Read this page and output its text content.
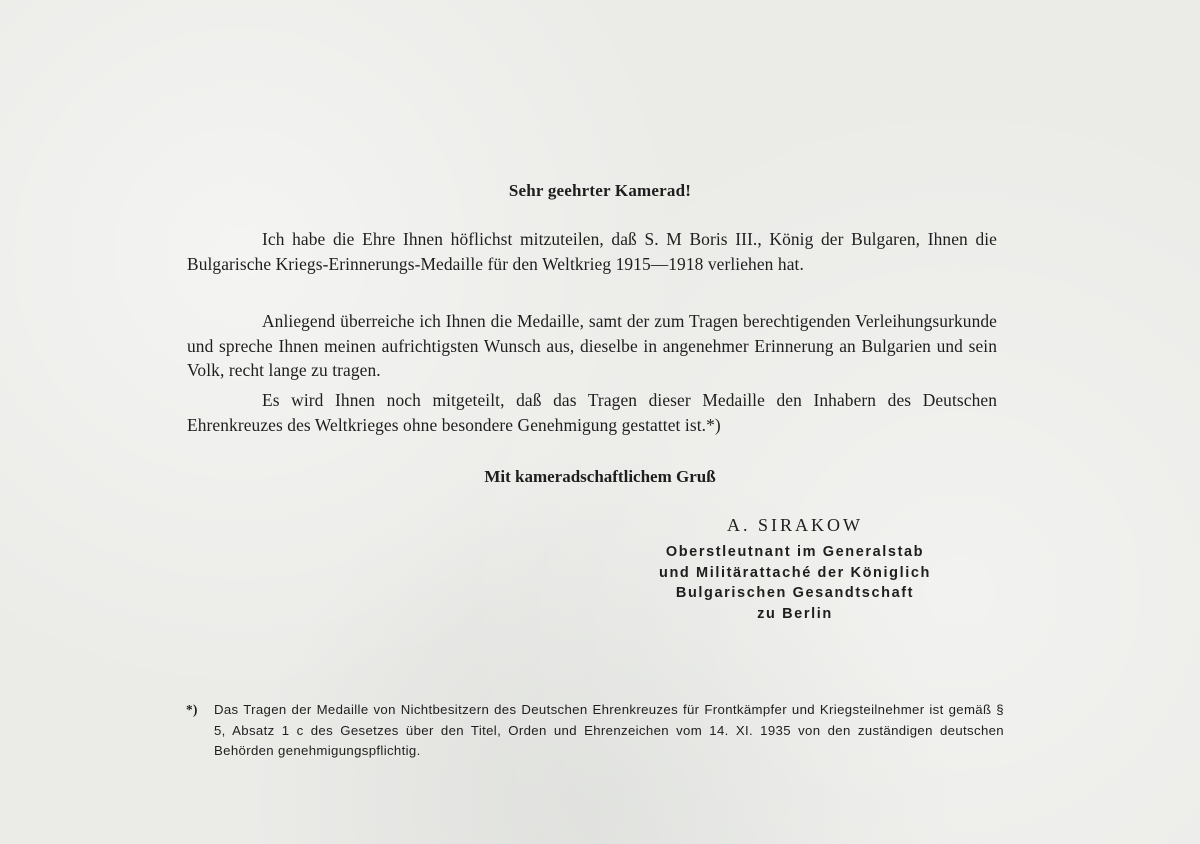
Sehr geehrter Kamerad!

Ich habe die Ehre Ihnen höflichst mitzuteilen, daß S. M Boris III., König der Bulgaren, Ihnen die Bulgarische Kriegs-Erinnerungs-Medaille für den Weltkrieg 1915—1918 verliehen hat.

Anliegend überreiche ich Ihnen die Medaille, samt der zum Tragen berechtigenden Verleihungsurkunde und spreche Ihnen meinen aufrichtigsten Wunsch aus, dieselbe in angenehmer Erinnerung an Bulgarien und sein Volk, recht lange zu tragen.

Es wird Ihnen noch mitgeteilt, daß das Tragen dieser Medaille den Inhabern des Deutschen Ehrenkreuzes des Weltkrieges ohne besondere Genehmigung gestattet ist.*)

Mit kameradschaftlichem Gruß
A. SIRAKOW
Oberstleutnant im Generalstab
und Militärattaché der Königlich
Bulgarischen Gesandtschaft
zu Berlin
*)	Das Tragen der Medaille von Nichtbesitzern des Deutschen Ehrenkreuzes für Frontkämpfer und Kriegsteilnehmer ist gemäß § 5, Absatz 1 c des Gesetzes über den Titel, Orden und Ehrenzeichen vom 14. XI. 1935 von den zuständigen deutschen Behörden genehmigungspflichtig.
